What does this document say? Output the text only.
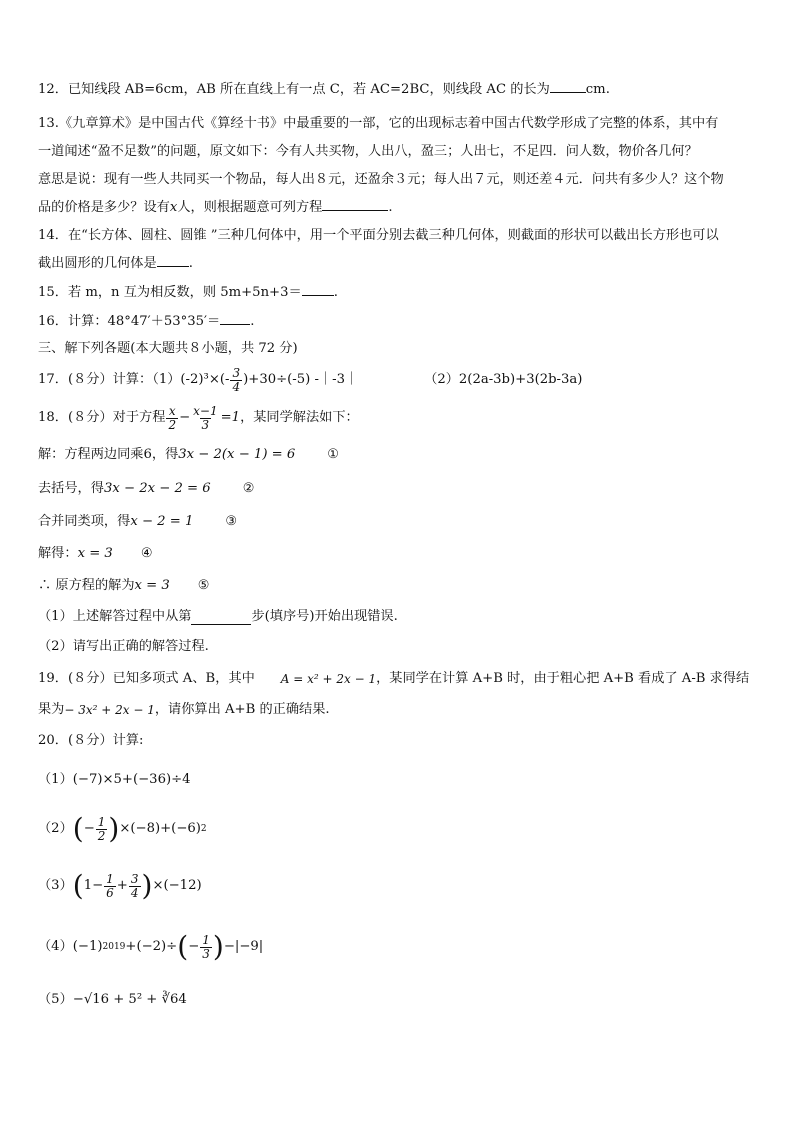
12．已知线段 AB=6cm，AB 所在直线上有一点 C，若 AC=2BC，则线段 AC 的长为	cm.

13.《九章算术》是中国古代《算经十书》中最重要的一部，它的出现标志着中国古代数学形成了完整的体系，其中有

一道闻述“盈不足数”的问题，原文如下：今有人共买物，人出八，盈三；人出七，不足四．问人数，物价各几何？

意思是说：现有一些人共同买一个物品，每人出８元，还盈余３元；每人出７元，则还差４元．问共有多少人？这个物

品的价格是多少？设有x人，则根据题意可列方程	.

14．在“长方体、圆柱、圆锥 ”三种几何体中，用一个平面分别去截三种几何体，则截面的形状可以截出长方形也可以

截出圆形的几何体是 .

15．若 m，n 互为相反数，则 5m+5n+3＝ .

16．计算：48°47′＋53°35′＝ .

三、解下列各题(本大题共８小题，共 72 分)

17．(８分）计算：$(1)(-2)^3\times(- \frac{3}{4} )+30\div(-5)$ -｜-3｜	（2）2(2a-3b)+3(2b-3a)
18．(８分）对于方程 $\frac{x}{2} - \frac{x-1}{3} =1$ ，某同学解法如下：
解：方程两边同乘 6 ，得 3x − 2(x − 1) = 6 ①
去括号，得 3x − 2x − 2 = 6 ②
合并同类项，得 x − 2 = 1 ③
解得： x = 3 ④
∴ 原方程的解为 x = 3 ⑤
（1）上述解答过程中从第	步(填序号)开始出现错误.
（2）请写出正确的解答过程.
19．(８分）已知多项式 A、B，其中 A = x² + 2x − 1 ，某同学在计算 A+B 时，由于粗心把 A+B 看成了 A-B 求得结
果为 − 3x² + 2x − 1 ，请你算出 A+B 的正确结果.
20．(８分）计算:
（1） (−7)×5+(−36)÷4
（2） ( − $\frac{1}{2}$ ) ×(−8)+(−6) 2
（3） ( $1- \frac{1}{6} + \frac{3}{4}$ ) ×(−12)
（4） (−1) 2019 +(−2)÷ ( − $\frac{1}{3}$ ) −|−9|
（5） −√16 + 5² + ∛64
